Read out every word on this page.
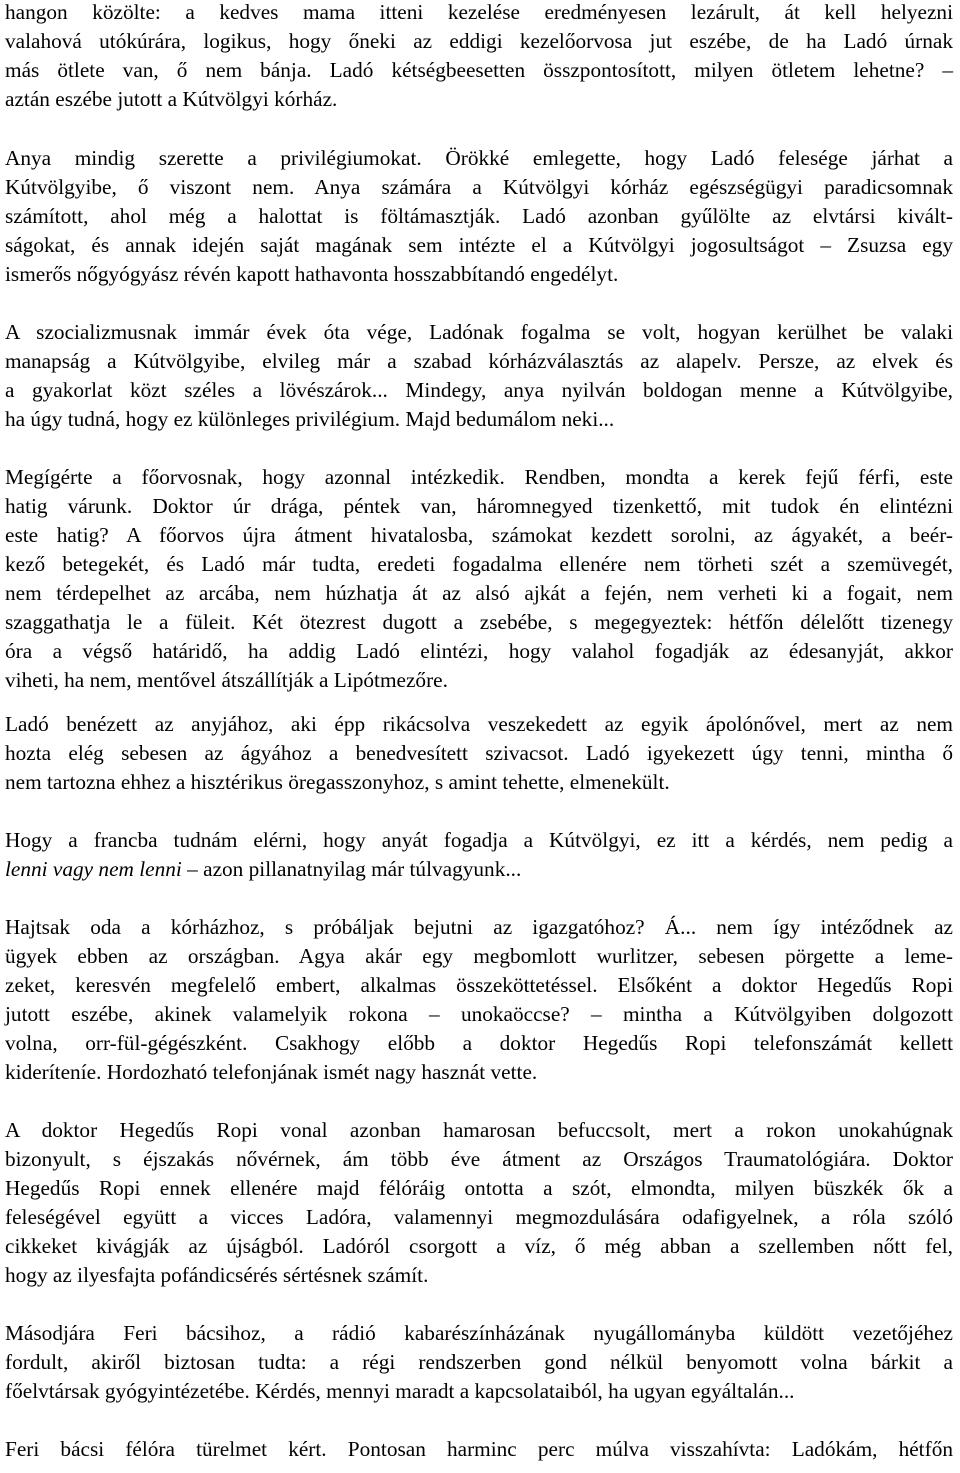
hangon közölte: a kedves mama itteni kezelése eredményesen lezárult, át kell helyezni
valahová utókúrára, logikus, hogy őneki az eddigi kezelőorvosa jut eszébe, de ha Ladó úrnak
más ötlete van, ő nem bánja. Ladó kétségbeesetten összpontosított, milyen ötletem lehetne? –
aztán eszébe jutott a Kútvölgyi kórház.
Anya mindig szerette a privilégiumokat. Örökké emlegette, hogy Ladó felesége járhat a
Kútvölgyibe, ő viszont nem. Anya számára a Kútvölgyi kórház egészségügyi paradicsomnak
számított, ahol még a halottat is föltámasztják. Ladó azonban gyűlölte az elvtársi kivált-
ságokat, és annak idején saját magának sem intézte el a Kútvölgyi jogosultságot – Zsuzsa egy
ismerős nőgyógyász révén kapott hathavonta hosszabbítandó engedélyt.
A szocializmusnak immár évek óta vége, Ladónak fogalma se volt, hogyan kerülhet be valaki
manapság a Kútvölgyibe, elvileg már a szabad kórházválasztás az alapelv. Persze, az elvek és
a gyakorlat közt széles a lövészárok... Mindegy, anya nyilván boldogan menne a Kútvölgyibe,
ha úgy tudná, hogy ez különleges privilégium. Majd bedumálom neki...
Megígérte a főorvosnak, hogy azonnal intézkedik. Rendben, mondta a kerek fejű férfi, este
hatig várunk. Doktor úr drága, péntek van, háromnegyed tizenkettő, mit tudok én elintézni
este hatig? A főorvos újra átment hivatalosba, számokat kezdett sorolni, az ágyakét, a beér-
kező betegekét, és Ladó már tudta, eredeti fogadalma ellenére nem törheti szét a szemüvegét,
nem térdepelhet az arcába, nem húzhatja át az alsó ajkát a fején, nem verheti ki a fogait, nem
szaggathatja le a füleit. Két ötezrest dugott a zsebébe, s megegyeztek: hétfőn délelőtt tizenegy
óra a végső határidő, ha addig Ladó elintézi, hogy valahol fogadják az édesanyját, akkor
viheti, ha nem, mentővel átszállítják a Lipótmezőre.
Ladó benézett az anyjához, aki épp rikácsolva veszekedett az egyik ápolónővel, mert az nem
hozta elég sebesen az ágyához a benedvesített szivacsot. Ladó igyekezett úgy tenni, mintha ő
nem tartozna ehhez a hisztérikus öregasszonyhoz, s amint tehette, elmenekült.
Hogy a francba tudnám elérni, hogy anyát fogadja a Kútvölgyi, ez itt a kérdés, nem pedig a
lenni vagy nem lenni – azon pillanatnyilag már túlvagyunk...
Hajtsak oda a kórházhoz, s próbáljak bejutni az igazgatóhoz? Á... nem így intéződnek az
ügyek ebben az országban. Agya akár egy megbomlott wurlitzer, sebesen pörgette a leme-
zeket, keresvén megfelelő embert, alkalmas összeköttetéssel. Elsőként a doktor Hegedűs Ropi
jutott eszébe, akinek valamelyik rokona – unokaöccse? – mintha a Kútvölgyiben dolgozott
volna, orr-fül-gégészként. Csakhogy előbb a doktor Hegedűs Ropi telefonszámát kellett
kideríteníe. Hordozható telefonjának ismét nagy hasznát vette.
A doktor Hegedűs Ropi vonal azonban hamarosan befuccsolt, mert a rokon unokahúgnak
bizonyult, s éjszakás nővérnek, ám több éve átment az Országos Traumatológiára. Doktor
Hegedűs Ropi ennek ellenére majd félóráig ontotta a szót, elmondta, milyen büszkék ők a
feleségével együtt a vicces Ladóra, valamennyi megmozdulására odafigyelnek, a róla szóló
cikkeket kivágják az újságból. Ladóról csorgott a víz, ő még abban a szellemben nőtt fel,
hogy az ilyesfajta pofándicsérés sértésnek számít.
Másodjára Feri bácsihoz, a rádió kabarészínházának nyugállományba küldött vezetőjéhez
fordult, akiről biztosan tudta: a régi rendszerben gond nélkül benyomott volna bárkit a
főelvtársak gyógyintézetébe. Kérdés, mennyi maradt a kapcsolataiból, ha ugyan egyáltalán...
Feri bácsi félóra türelmet kért. Pontosan harminc perc múlva visszahívta: Ladókám, hétfőn
